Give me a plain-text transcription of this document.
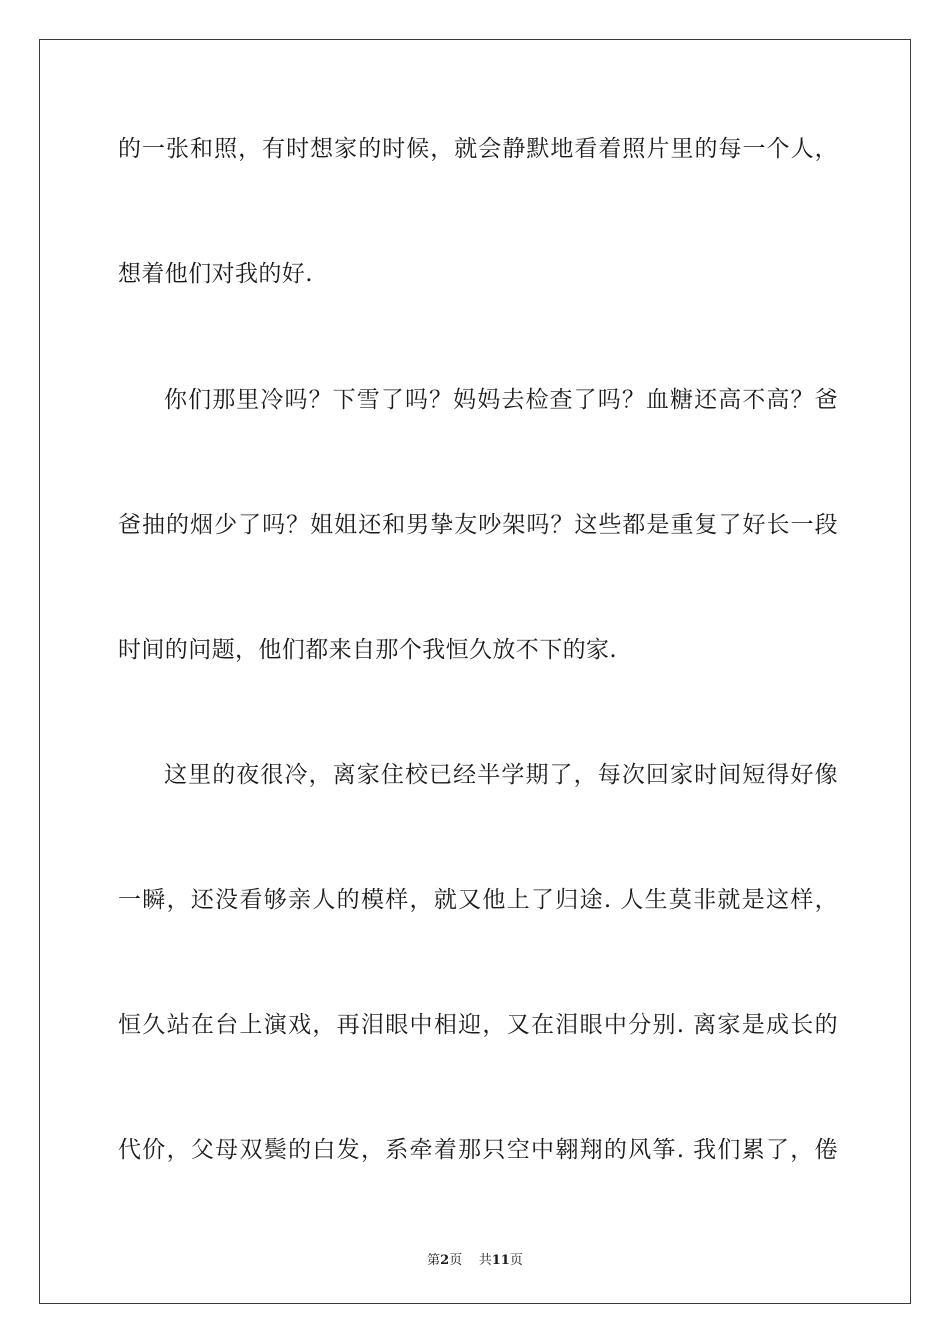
的一张和照，有时想家的时候，就会静默地看着照片里的每一个人，
想着他们对我的好.
你们那里冷吗？下雪了吗？妈妈去检查了吗？血糖还高不高？爸
爸抽的烟少了吗？姐姐还和男挚友吵架吗？这些都是重复了好长一段
时间的问题，他们都来自那个我恒久放不下的家.
这里的夜很冷，离家住校已经半学期了，每次回家时间短得好像
一瞬，还没看够亲人的模样，就又他上了归途. 人生莫非就是这样，
恒久站在台上演戏，再泪眼中相迎，又在泪眼中分别. 离家是成长的
代价，父母双鬓的白发，系牵着那只空中翱翔的风筝. 我们累了，倦
第2页 共11页
